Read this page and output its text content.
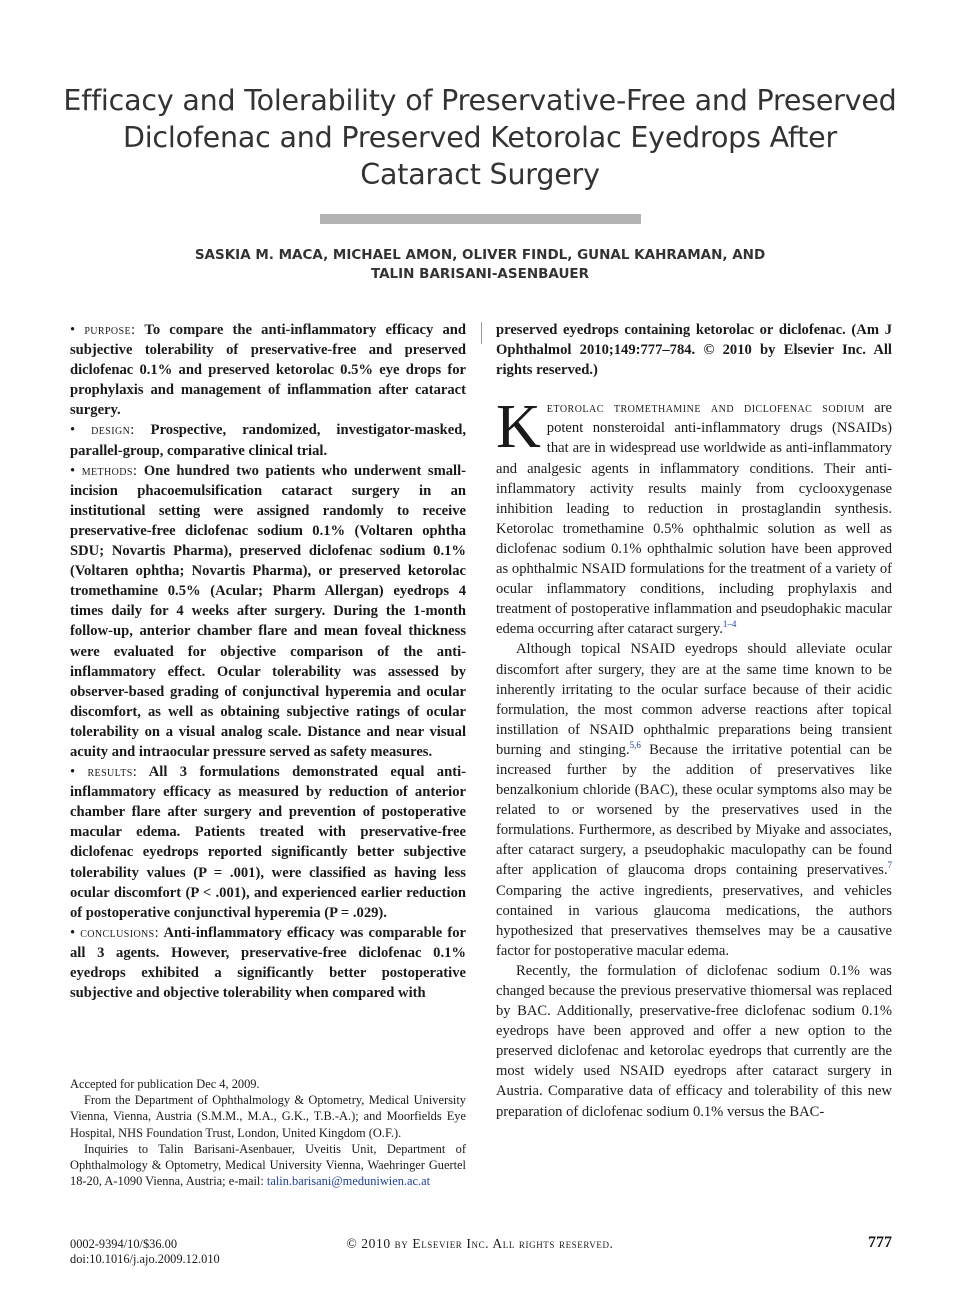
Efficacy and Tolerability of Preservative-Free and Preserved Diclofenac and Preserved Ketorolac Eyedrops After Cataract Surgery
SASKIA M. MACA, MICHAEL AMON, OLIVER FINDL, GUNAL KAHRAMAN, AND
TALIN BARISANI-ASENBAUER

• purpose: To compare the anti-inflammatory efficacy and subjective tolerability of preservative-free and preserved diclofenac 0.1% and preserved ketorolac 0.5% eye drops for prophylaxis and management of inflammation after cataract surgery.

• design: Prospective, randomized, investigator-masked, parallel-group, comparative clinical trial.

• methods: One hundred two patients who underwent small-incision phacoemulsification cataract surgery in an institutional setting were assigned randomly to receive preservative-free diclofenac sodium 0.1% (Voltaren ophtha SDU; Novartis Pharma), preserved diclofenac sodium 0.1% (Voltaren ophtha; Novartis Pharma), or preserved ketorolac tromethamine 0.5% (Acular; Pharm Allergan) eyedrops 4 times daily for 4 weeks after surgery. During the 1-month follow-up, anterior chamber flare and mean foveal thickness were evaluated for objective comparison of the anti-inflammatory effect. Ocular tolerability was assessed by observer-based grading of conjunctival hyperemia and ocular discomfort, as well as obtaining subjective ratings of ocular tolerability on a visual analog scale. Distance and near visual acuity and intraocular pressure served as safety measures.

• results: All 3 formulations demonstrated equal anti-inflammatory efficacy as measured by reduction of anterior chamber flare after surgery and prevention of postoperative macular edema. Patients treated with preservative-free diclofenac eyedrops reported significantly better subjective tolerability values (P = .001), were classified as having less ocular discomfort (P < .001), and experienced earlier reduction of postoperative conjunctival hyperemia (P = .029).

• conclusions: Anti-inflammatory efficacy was comparable for all 3 agents. However, preservative-free diclofenac 0.1% eyedrops exhibited a significantly better postoperative subjective and objective tolerability when compared with

preserved eyedrops containing ketorolac or diclofenac. (Am J Ophthalmol 2010;149:777–784. © 2010 by Elsevier Inc. All rights reserved.)

Ketorolac tromethamine and diclofenac sodium are potent nonsteroidal anti-inflammatory drugs (NSAIDs) that are in widespread use worldwide as anti-inflammatory and analgesic agents in inflammatory conditions. Their anti-inflammatory activity results mainly from cyclooxygenase inhibition leading to reduction in prostaglandin synthesis. Ketorolac tromethamine 0.5% ophthalmic solution as well as diclofenac sodium 0.1% ophthalmic solution have been approved as ophthalmic NSAID formulations for the treatment of a variety of ocular inflammatory conditions, including prophylaxis and treatment of postoperative inflammation and pseudophakic macular edema occurring after cataract surgery.$^{1-4}$

Although topical NSAID eyedrops should alleviate ocular discomfort after surgery, they are at the same time known to be inherently irritating to the ocular surface because of their acidic formulation, the most common adverse reactions after topical instillation of NSAID ophthalmic preparations being transient burning and stinging.$^{5,6}$ Because the irritative potential can be increased further by the addition of preservatives like benzalkonium chloride (BAC), these ocular symptoms also may be related to or worsened by the preservatives used in the formulations. Furthermore, as described by Miyake and associates, after cataract surgery, a pseudophakic maculopathy can be found after application of glaucoma drops containing preservatives.$^7$ Comparing the active ingredients, preservatives, and vehicles contained in various glaucoma medications, the authors hypothesized that preservatives themselves may be a causative factor for postoperative macular edema.

Recently, the formulation of diclofenac sodium 0.1% was changed because the previous preservative thiomersal was replaced by BAC. Additionally, preservative-free diclofenac sodium 0.1% eyedrops have been approved and offer a new option to the preserved diclofenac and ketorolac eyedrops that currently are the most widely used NSAID eyedrops after cataract surgery in Austria. Comparative data of efficacy and tolerability of this new preparation of diclofenac sodium 0.1% versus the BAC-

Accepted for publication Dec 4, 2009.

From the Department of Ophthalmology & Optometry, Medical University Vienna, Vienna, Austria (S.M.M., M.A., G.K., T.B.-A.); and Moorfields Eye Hospital, NHS Foundation Trust, London, United Kingdom (O.F.).

Inquiries to Talin Barisani-Asenbauer, Uveitis Unit, Department of Ophthalmology & Optometry, Medical University Vienna, Waehringer Guertel 18-20, A-1090 Vienna, Austria; e-mail: talin.barisani@meduniwien.ac.at

0002-9394/10/$36.00
doi:10.1016/j.ajo.2009.12.010
© 2010 by Elsevier Inc. All rights reserved.	777
